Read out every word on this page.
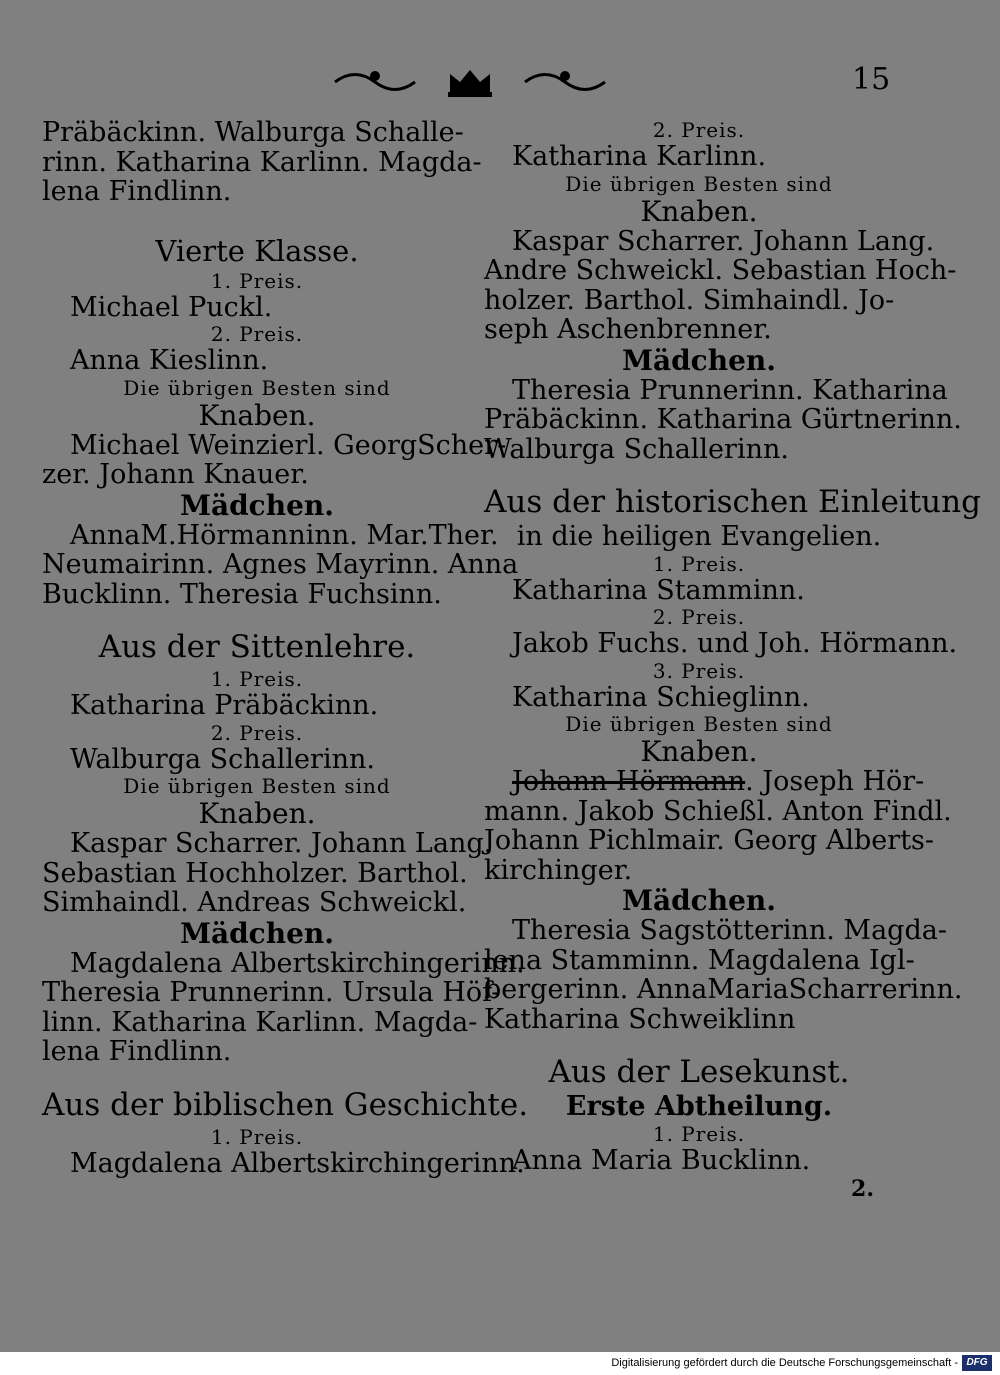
15
Präbäckinn. Walburga Schalle-
rinn. Katharina Karlinn. Magda-
lena Findlinn.
Vierte Klasse.
1. Preis.
Michael Puckl.
2. Preis.
Anna Kieslinn.
Die übrigen Besten sind
Knaben.
Michael Weinzierl. GeorgScher-
zer. Johann Knauer.
Mädchen.
AnnaM.Hörmanninn. Mar.Ther.
Neumairinn. Agnes Mayrinn. Anna
Bucklinn. Theresia Fuchsinn.
Aus der Sittenlehre.
1. Preis.
Katharina Präbäckinn.
2. Preis.
Walburga Schallerinn.
Die übrigen Besten sind
Knaben.
Kaspar Scharrer. Johann Lang.
Sebastian Hochholzer. Barthol.
Simhaindl. Andreas Schweickl.
Mädchen.
Magdalena Albertskirchingerinn.
Theresia Prunnerinn. Ursula Höf-
linn. Katharina Karlinn. Magda-
lena Findlinn.
Aus der biblischen Geschichte.
1. Preis.
Magdalena Albertskirchingerinn.
2. Preis.
Katharina Karlinn.
Die übrigen Besten sind
Knaben.
Kaspar Scharrer. Johann Lang.
Andre Schweickl. Sebastian Hoch-
holzer. Barthol. Simhaindl. Jo-
seph Aschenbrenner.
Mädchen.
Theresia Prunnerinn. Katharina
Präbäckinn. Katharina Gürtnerinn.
Walburga Schallerinn.
Aus der historischen Einleitung
in die heiligen Evangelien.
1. Preis.
Katharina Stamminn.
2. Preis.
Jakob Fuchs. und Joh. Hörmann.
3. Preis.
Katharina Schieglinn.
Die übrigen Besten sind
Knaben.
Johann Hörmann. Joseph Hör-
mann. Jakob Schießl. Anton Findl.
Johann Pichlmair. Georg Alberts-
kirchinger.
Mädchen.
Theresia Sagstötterinn. Magda-
lena Stamminn. Magdalena Igl-
bergerinn. AnnaMariaScharrerinn.
Katharina Schweiklinn
Aus der Lesekunst.
Erste Abtheilung.
1. Preis.
Anna Maria Bucklinn.
2.
Digitalisierung gefördert durch die Deutsche Forschungsgemeinschaft - DFG
